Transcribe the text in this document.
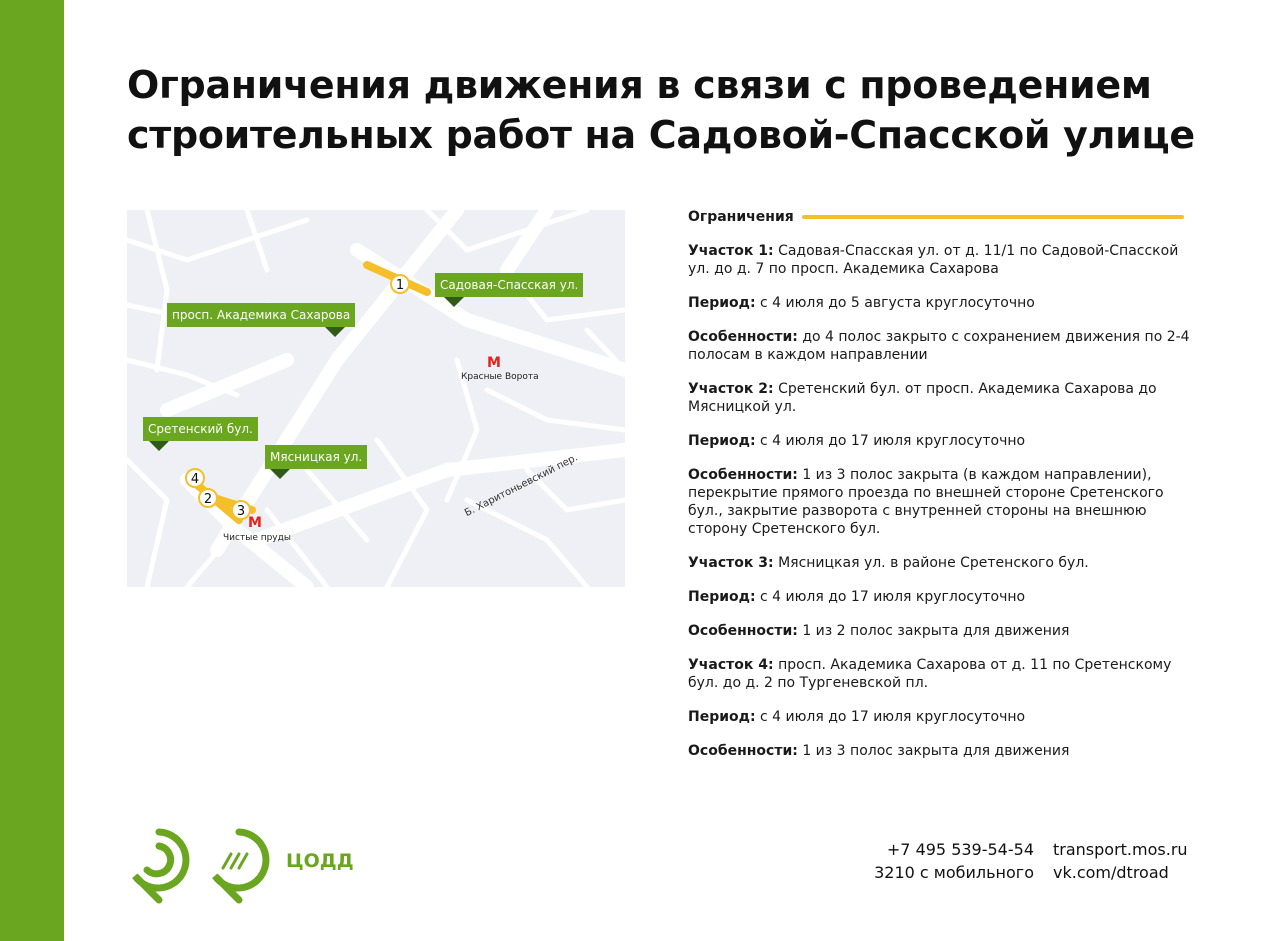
Ограничения движения в связи с проведением
строительных работ на Садовой-Спасской улице
1
2
3
4
Садовая-Спасская ул.
просп. Академика Сахарова
Сретенский бул.
Мясницкая ул.
М
Красные Ворота
М
Чистые пруды
Б. Харитоньевский пер.
Ограничения
Участок 1: Садовая-Спасская ул. от д. 11/1 по Садовой-Спасской ул. до д. 7 по просп. Академика Сахарова
Период: с 4 июля до 5 августа круглосуточно
Особенности: до 4 полос закрыто с сохранением движения по 2-4 полосам в каждом направлении
Участок 2: Сретенский бул. от просп. Академика Сахарова до Мясницкой ул.
Период: с 4 июля до 17 июля круглосуточно
Особенности: 1 из 3 полос закрыта (в каждом направлении), перекрытие прямого проезда по внешней стороне Сретенского бул., закрытие разворота с внутренней стороны на внешнюю сторону Сретенского бул.
Участок 3: Мясницкая ул. в районе Сретенского бул.
Период: с 4 июля до 17 июля круглосуточно
Особенности: 1 из 2 полос закрыта для движения
Участок 4: просп. Академика Сахарова от д. 11 по Сретенскому бул. до д. 2 по Тургеневской пл.
Период: с 4 июля до 17 июля круглосуточно
Особенности: 1 из 3 полос закрыта для движения
ЦОДД
+7 495 539-54-54
3210 с мобильного
transport.mos.ru
vk.com/dtroad
